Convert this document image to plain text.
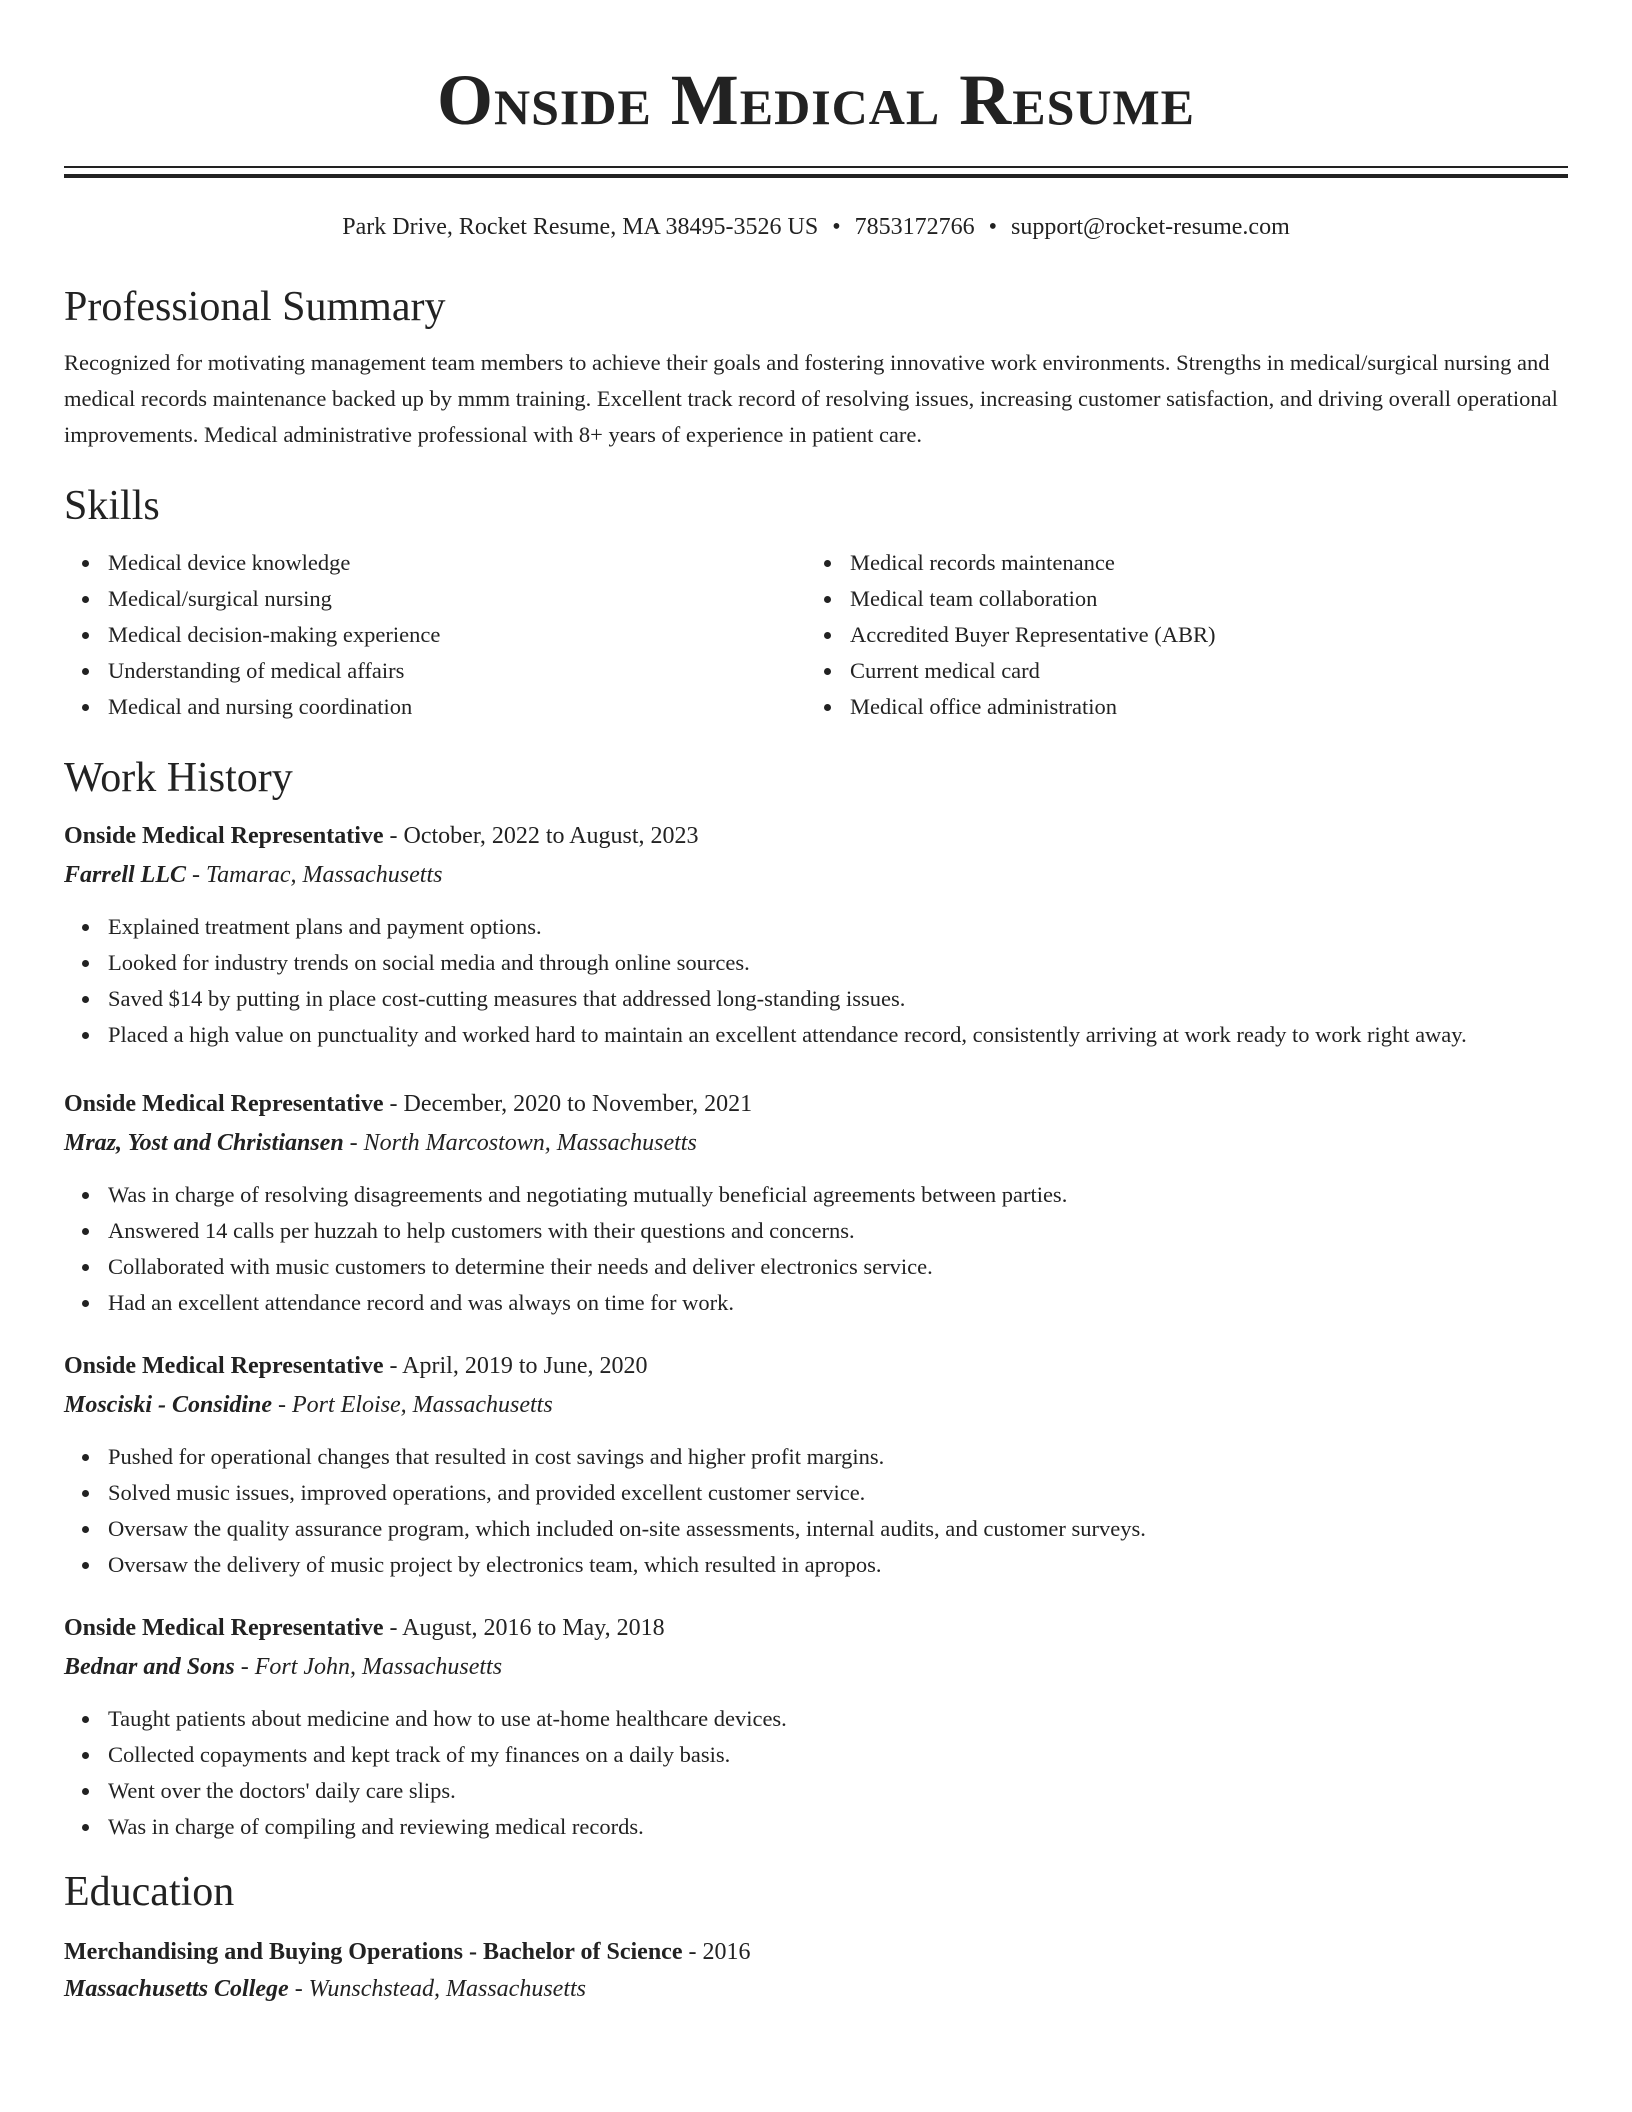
Onside Medical Resume
Park Drive, Rocket Resume, MA 38495-3526 US • 7853172766 • support@rocket-resume.com
Professional Summary

Recognized for motivating management team members to achieve their goals and fostering innovative work environments. Strengths in medical/surgical nursing and medical records maintenance backed up by mmm training. Excellent track record of resolving issues, increasing customer satisfaction, and driving overall operational improvements. Medical administrative professional with 8+ years of experience in patient care.

Skills
Medical device knowledge
Medical/surgical nursing
Medical decision-making experience
Understanding of medical affairs
Medical and nursing coordination
Medical records maintenance
Medical team collaboration
Accredited Buyer Representative (ABR)
Current medical card
Medical office administration
Work History
Onside Medical Representative - October, 2022 to August, 2023
Farrell LLC - Tamarac, Massachusetts
Explained treatment plans and payment options.
Looked for industry trends on social media and through online sources.
Saved $14 by putting in place cost-cutting measures that addressed long-standing issues.
Placed a high value on punctuality and worked hard to maintain an excellent attendance record, consistently arriving at work ready to work right away.
Onside Medical Representative - December, 2020 to November, 2021
Mraz, Yost and Christiansen - North Marcostown, Massachusetts
Was in charge of resolving disagreements and negotiating mutually beneficial agreements between parties.
Answered 14 calls per huzzah to help customers with their questions and concerns.
Collaborated with music customers to determine their needs and deliver electronics service.
Had an excellent attendance record and was always on time for work.
Onside Medical Representative - April, 2019 to June, 2020
Mosciski - Considine - Port Eloise, Massachusetts
Pushed for operational changes that resulted in cost savings and higher profit margins.
Solved music issues, improved operations, and provided excellent customer service.
Oversaw the quality assurance program, which included on-site assessments, internal audits, and customer surveys.
Oversaw the delivery of music project by electronics team, which resulted in apropos.
Onside Medical Representative - August, 2016 to May, 2018
Bednar and Sons - Fort John, Massachusetts
Taught patients about medicine and how to use at-home healthcare devices.
Collected copayments and kept track of my finances on a daily basis.
Went over the doctors' daily care slips.
Was in charge of compiling and reviewing medical records.
Education
Merchandising and Buying Operations - Bachelor of Science - 2016
Massachusetts College - Wunschstead, Massachusetts
